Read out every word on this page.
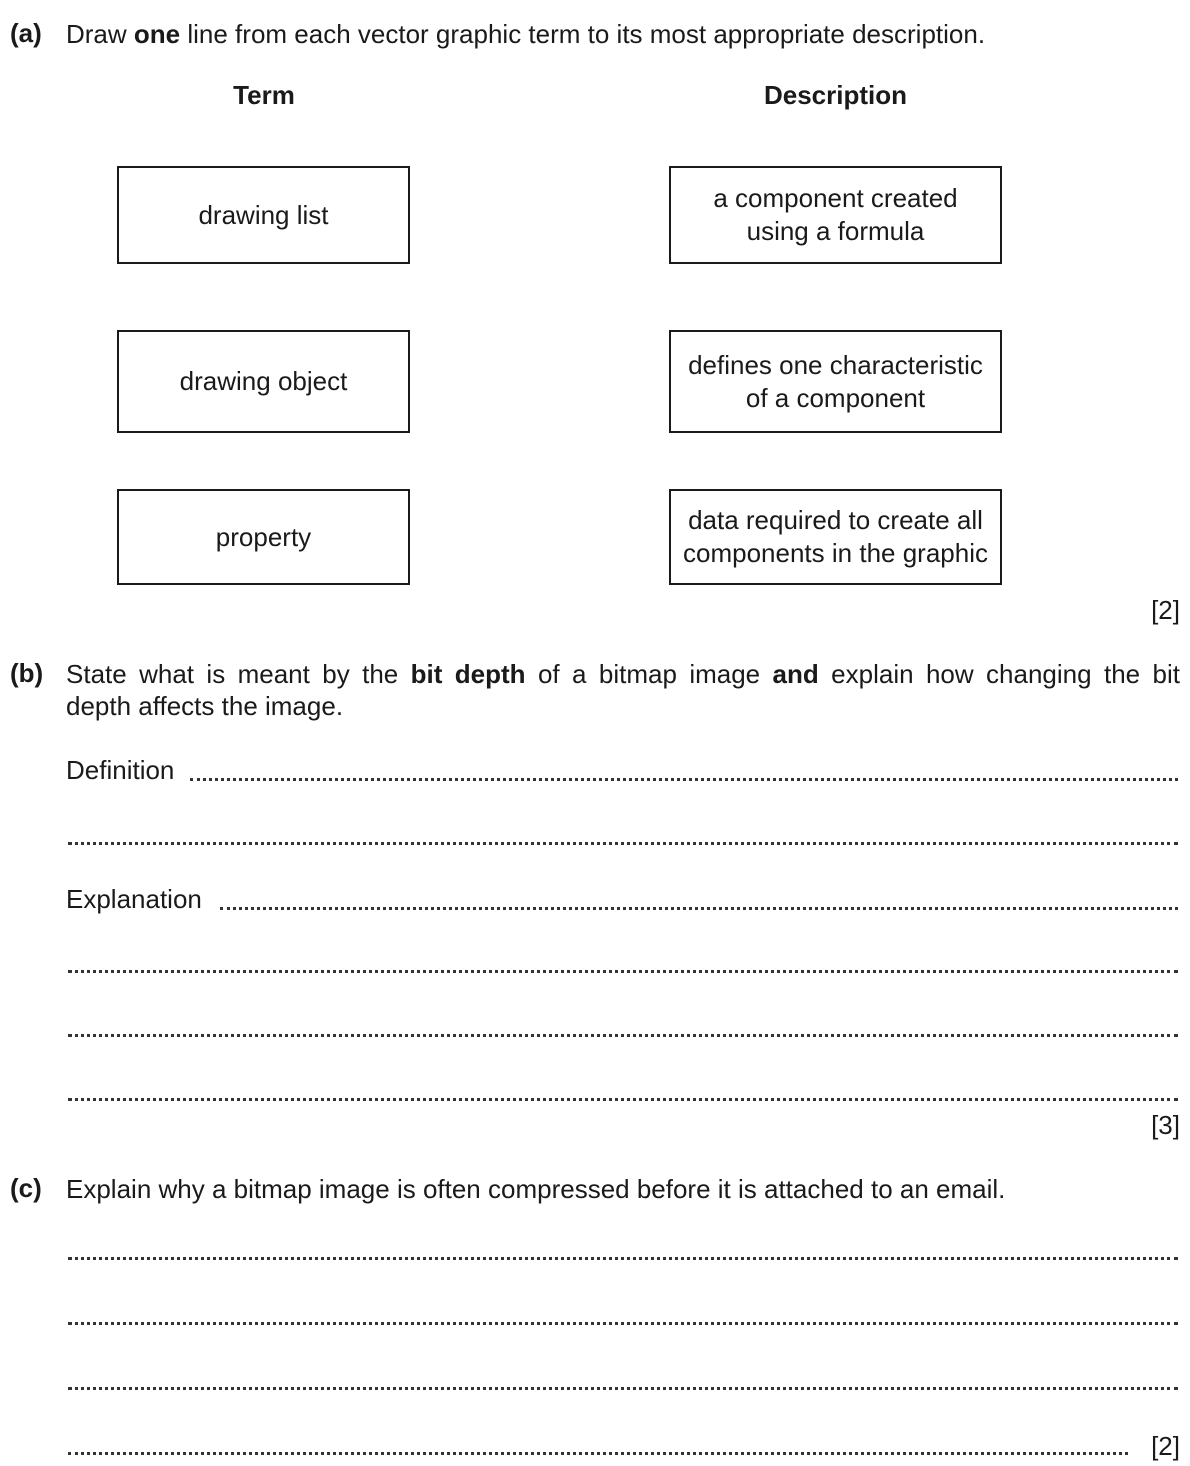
(a) Draw one line from each vector graphic term to its most appropriate description.
Term	Description
drawing list
drawing object
property
a component created
using a formula
defines one characteristic
of a component
data required to create all
components in the graphic
[2]
(b) State what is meant by the bit depth of a bitmap image and explain how changing the bit
depth affects the image.
Definition
Explanation
[3]
(c) Explain why a bitmap image is often compressed before it is attached to an email.
[2]
